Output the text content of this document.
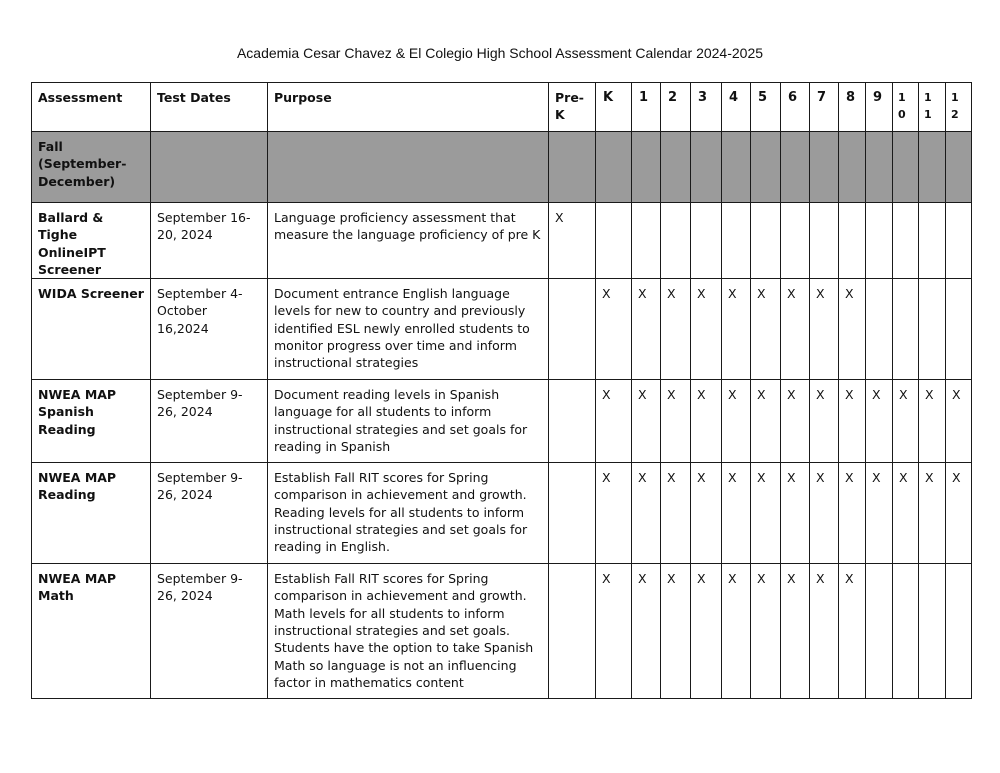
Academia Cesar Chavez & El Colegio High School Assessment Calendar 2024-2025
Assessment	Test Dates	Purpose	Pre-K	K	1	2	3	4	5	6	7	8	9	10	11	12
Fall (September-December)																
Ballard & Tighe OnlineIPT Screener	September 16-20, 2024	Language proficiency assessment that measure the language proficiency of pre K	X													
WIDA Screener	September 4-October 16,2024	Document entrance English language levels for new to country and previously identified ESL newly enrolled students to monitor progress over time and inform instructional strategies		X	X	X	X	X	X	X	X	X				
NWEA MAP Spanish Reading	September 9-26, 2024	Document reading levels in Spanish language for all students to inform instructional strategies and set goals for reading in Spanish		X	X	X	X	X	X	X	X	X	X	X	X	X
NWEA MAP Reading	September 9-26, 2024	Establish Fall RIT scores for Spring comparison in achievement and growth. Reading levels for all students to inform instructional strategies and set goals for reading in English.		X	X	X	X	X	X	X	X	X	X	X	X	X
NWEA MAP Math	September 9-26, 2024	Establish Fall RIT scores for Spring comparison in achievement and growth. Math levels for all students to inform instructional strategies and set goals. Students have the option to take Spanish Math so language is not an influencing factor in mathematics content		X	X	X	X	X	X	X	X	X				
